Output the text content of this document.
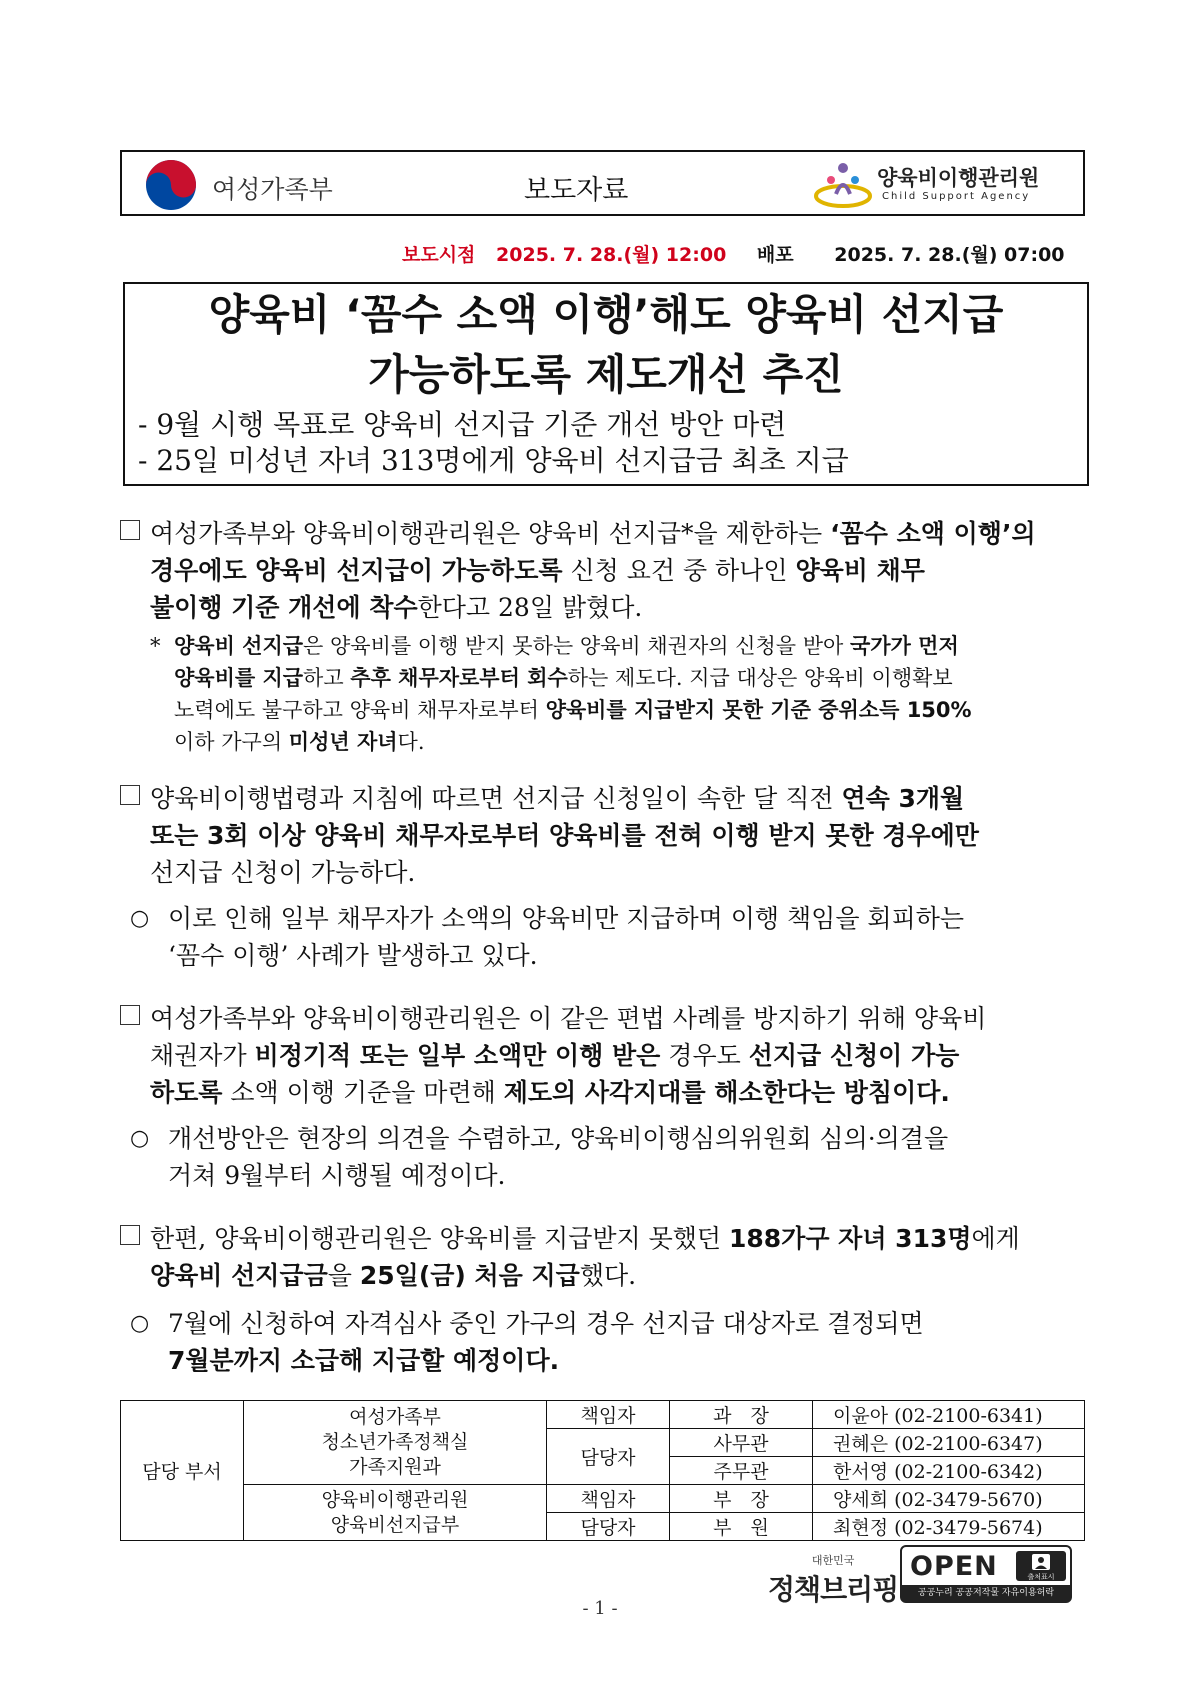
여성가족부	보도자료	양육비이행관리원
Child Support Agency
보도시점 2025. 7. 28.(월) 12:00 배포 2025. 7. 28.(월) 07:00
양육비 ‘꼼수 소액 이행’해도 양육비 선지급
가능하도록 제도개선 추진
- 9월 시행 목표로 양육비 선지급 기준 개선 방안 마련
- 25일 미성년 자녀 313명에게 양육비 선지급금 최초 지급
여성가족부와 양육비이행관리원은 양육비 선지급*을 제한하는 ‘꼼수 소액 이행’의
경우에도 양육비 선지급이 가능하도록 신청 요건 중 하나인 양육비 채무
불이행 기준 개선에 착수한다고 28일 밝혔다.
* 양육비 선지급은 양육비를 이행 받지 못하는 양육비 채권자의 신청을 받아 국가가 먼저
양육비를 지급하고 추후 채무자로부터 회수하는 제도다. 지급 대상은 양육비 이행확보
노력에도 불구하고 양육비 채무자로부터 양육비를 지급받지 못한 기준 중위소득 150%
이하 가구의 미성년 자녀다.
양육비이행법령과 지침에 따르면 선지급 신청일이 속한 달 직전 연속 3개월
또는 3회 이상 양육비 채무자로부터 양육비를 전혀 이행 받지 못한 경우에만
선지급 신청이 가능하다.
○ 이로 인해 일부 채무자가 소액의 양육비만 지급하며 이행 책임을 회피하는
‘꼼수 이행’ 사례가 발생하고 있다.
여성가족부와 양육비이행관리원은 이 같은 편법 사례를 방지하기 위해 양육비
채권자가 비정기적 또는 일부 소액만 이행 받은 경우도 선지급 신청이 가능
하도록 소액 이행 기준을 마련해 제도의 사각지대를 해소한다는 방침이다.
○ 개선방안은 현장의 의견을 수렴하고, 양육비이행심의위원회 심의·의결을
거쳐 9월부터 시행될 예정이다.
한편, 양육비이행관리원은 양육비를 지급받지 못했던 188가구 자녀 313명에게
양육비 선지급금을 25일(금) 처음 지급했다.
○ 7월에 신청하여 자격심사 중인 가구의 경우 선지급 대상자로 결정되면
7월분까지 소급해 지급할 예정이다.
담당 부서	여성가족부
청소년가족정책실
가족지원과	책임자	과　장	이윤아 (02-2100-6341)
		담당자	사무관	권혜은 (02-2100-6347)
			주무관	한서영 (02-2100-6342)

	양육비이행관리원
양육비선지급부	책임자	부　장	양세희 (02-3479-5670)
		담당자	부　원	최현정 (02-3479-5674)
대한민국
정책브리핑
OPEN	출처표시
공공누리 공공저작물 자유이용허락
- 1 -
